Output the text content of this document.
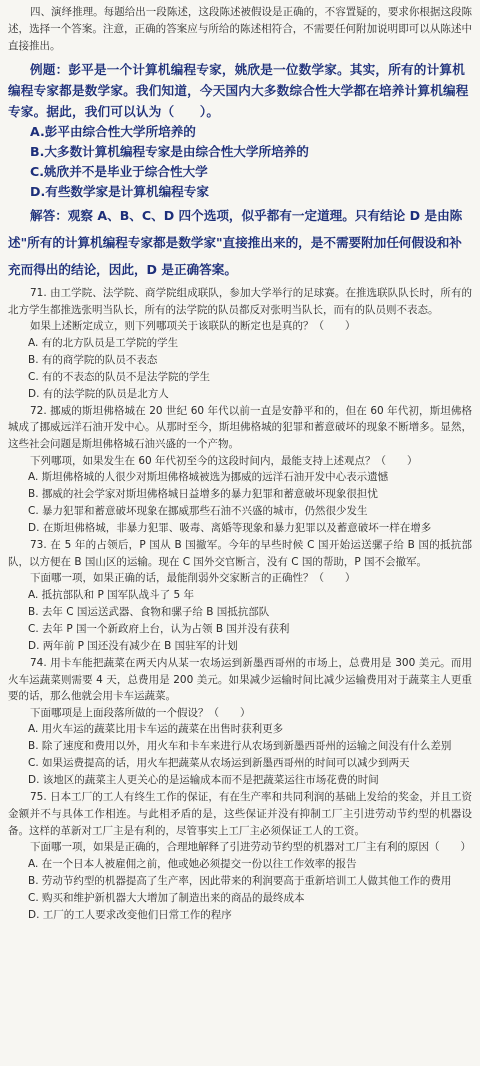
四、演绎推理。每题给出一段陈述，这段陈述被假设是正确的，不容置疑的，要求你根据这段陈述，选择一个答案。注意，正确的答案应与所给的陈述相符合，不需要任何附加说明即可以从陈述中直接推出。

例题：彭平是一个计算机编程专家，姚欣是一位数学家。其实，所有的计算机编程专家都是数学家。我们知道，今天国内大多数综合性大学都在培养计算机编程专家。据此，我们可以认为（　　）。

A.彭平由综合性大学所培养的

B.大多数计算机编程专家是由综合性大学所培养的

C.姚欣并不是毕业于综合性大学

D.有些数学家是计算机编程专家

解答：观察 A、B、C、D 四个选项，似乎都有一定道理。只有结论 D 是由陈述"所有的计算机编程专家都是数学家"直接推出来的，是不需要附加任何假设和补充而得出的结论，因此，D 是正确答案。

71. 由工学院、法学院、商学院组成联队，参加大学举行的足球赛。在推选联队队长时，所有的北方学生都推选张明当队长，所有的法学院的队员都反对张明当队长，而有的队员则不表态。

如果上述断定成立，则下列哪项关于该联队的断定也是真的？（　　）

A. 有的北方队员是工学院的学生

B. 有的商学院的队员不表态

C. 有的不表态的队员不是法学院的学生

D. 有的法学院的队员是北方人

72. 挪威的斯坦佛格城在 20 世纪 60 年代以前一直是安静平和的，但在 60 年代初，斯坦佛格城成了挪威远洋石油开发中心。从那时至今，斯坦佛格城的犯罪和蓄意破坏的现象不断增多。显然，这些社会问题是斯坦佛格城石油兴盛的一个产物。

下列哪项，如果发生在 60 年代初至今的这段时间内，最能支持上述观点？（　　）

A. 斯坦佛格城的人很少对斯坦佛格城被选为挪威的远洋石油开发中心表示遗憾

B. 挪威的社会学家对斯坦佛格城日益增多的暴力犯罪和蓄意破坏现象很担忧

C. 暴力犯罪和蓄意破坏现象在挪威那些石油不兴盛的城市，仍然很少发生

D. 在斯坦佛格城，非暴力犯罪、吸毒、离婚等现象和暴力犯罪以及蓄意破坏一样在增多

73. 在 5 年的占领后，P 国从 B 国撤军。今年的早些时候 C 国开始运送骡子给 B 国的抵抗部队，以方便在 B 国山区的运输。现在 C 国外交官断言，没有 C 国的帮助，P 国不会撤军。

下面哪一项，如果正确的话，最能削弱外交家断言的正确性？（　　）

A. 抵抗部队和 P 国军队战斗了 5 年

B. 去年 C 国运送武器、食物和骡子给 B 国抵抗部队

C. 去年 P 国一个新政府上台，认为占领 B 国并没有获利

D. 两年前 P 国还没有减少在 B 国驻军的计划

74. 用卡车能把蔬菜在两天内从某一农场运到新墨西哥州的市场上，总费用是 300 美元。而用火车运蔬菜则需要 4 天，总费用是 200 美元。如果减少运输时间比减少运输费用对于蔬菜主人更重要的话，那么他就会用卡车运蔬菜。

下面哪项是上面段落所做的一个假设？（　　）

A. 用火车运的蔬菜比用卡车运的蔬菜在出售时获利更多

B. 除了速度和费用以外，用火车和卡车来进行从农场到新墨西哥州的运输之间没有什么差别

C. 如果运费提高的话，用火车把蔬菜从农场运到新墨西哥州的时间可以减少到两天

D. 该地区的蔬菜主人更关心的是运输成本而不是把蔬菜运往市场花费的时间

75. 日本工厂的工人有终生工作的保证，有在生产率和共同利润的基础上发给的奖金，并且工资金额并不与具体工作相连。与此相矛盾的是，这些保证并没有抑制工厂主引进劳动节约型的机器设备。这样的革新对工厂主是有利的，尽管事实上工厂主必须保证工人的工资。

下面哪一项，如果是正确的，合理地解释了引进劳动节约型的机器对工厂主有利的原因（　　）

A. 在一个日本人被雇佣之前，他或她必须提交一份以往工作效率的报告

B. 劳动节约型的机器提高了生产率，因此带来的利润要高于重新培训工人做其他工作的费用

C. 购买和维护新机器大大增加了制造出来的商品的最终成本

D. 工厂的工人要求改变他们日常工作的程序
